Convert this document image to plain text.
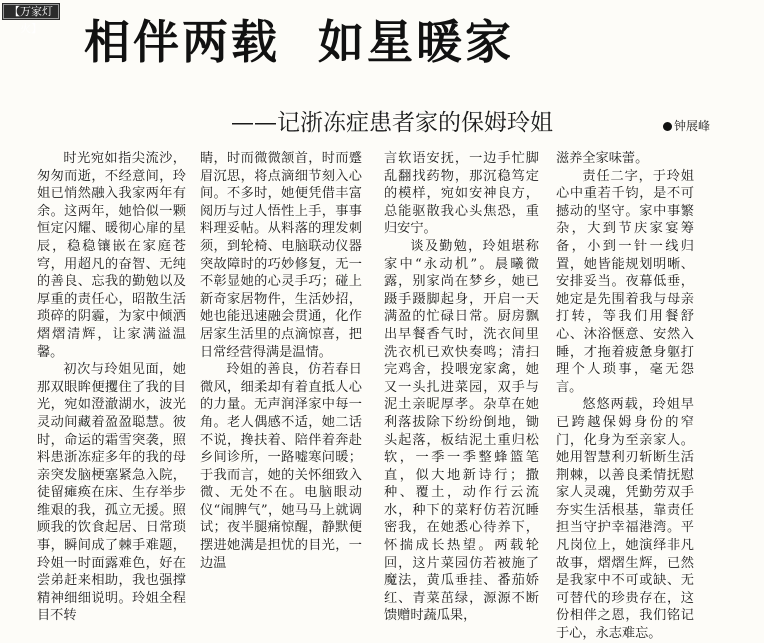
【万家灯火】 相伴两载  如星暖家
——记浙冻症患者家的保姆玲姐	钟展峰

时光宛如指尖流沙，匆匆而逝，不经意间，玲姐已悄然融入我家两年有余。这两年，她恰似一颗恒定闪耀、暖彻心扉的星辰，稳稳镶嵌在家庭苍穹，用超凡的奋智、无纯的善良、忘我的勤勉以及厚重的责任心，昭散生活琐碎的阴霾，为家中倾洒熠熠清辉，让家满溢温馨。

初次与玲姐见面，她那双眼眸便攫住了我的目光，宛如澄澈湖水，波光灵动间藏着盈盈聪慧。彼时，命运的霜雪突袭，照料患浙冻症多年的我的母亲突发脑梗塞紧急入院，徒留瘫痪在床、生存举步维艰的我，孤立无援。照顾我的饮食起居、日常琐事，瞬间成了棘手难题，玲姐一时面露难色，好在尝弟赶来相助，我也强撑精神细细说明。玲姐全程目不转

睛，时而微微颔首，时而蹙眉沉思，将点滴细节刻入心间。不多时，她便凭借丰富阅历与过人悟性上手，事事料理妥帖。从料落的理发刺须，到轮椅、电脑联动仪器突故障时的巧妙修复，无一不彰显她的心灵手巧；碰上新奇家居物件，生活妙招，她也能迅速融会贯通，化作居家生活里的点滴惊喜，把日常经营得满是温情。

玲姐的善良，仿若春日微风，细柔却有着直抵人心的力量。无声润泽家中每一角。老人偶感不适，她二话不说，搀扶着、陪伴着奔赴乡间诊所，一路嘘寒问暖；于我而言，她的关怀细致入微、无处不在。电脑眼动仪“闹脾气”，她马马上就调试；夜半腿痛惊醒，静默便摆进她满是担忧的目光，一边温

言软语安抚，一边手忙脚乱翻找药物，那沉稳笃定的模样，宛如安神良方，总能驱散我心头焦恐，重归安宁。

谈及勤勉，玲姐堪称家中“永动机”。晨曦微露，别家尚在梦乡，她已蹑手蹑脚起身，开启一天满盈的忙碌日常。厨房飘出早餐香气时，洗衣间里洗衣机已欢快奏鸣；清扫完鸡舍，投喂宠家禽，她又一头扎进菜园，双手与泥土亲昵厚孝。杂草在她利落拔除下纷纷倒地，锄头起落，板结泥土重归松软，一季一季整蜂篮笔直，似大地新诗行；撒种、覆土，动作行云流水，种下的菜籽仿若沉睡密我，在她悉心待养下，怀揣成长热望。两载轮回，这片菜园仿若被施了魔法，黄瓜垂挂、番茄娇红、青菜茁绿，源源不断馈赠时蔬瓜果，

滋养全家味蕾。

责任二字，于玲姐心中重若千钧，是不可撼动的坚守。家中事繁杂，大到节庆家宴筹备，小到一针一线归置，她皆能规划明晰、安排妥当。夜幕低垂，她定是先围着我与母亲打转，等我们用餐舒心、沐浴惬意、安然入睡，才拖着疲惫身躯打理个人琐事，毫无怨言。

悠悠两载，玲姐早已跨越保姆身份的窄门，化身为至亲家人。她用智慧利刃斩断生活荆棘，以善良柔情抚慰家人灵魂，凭勤劳双手夯实生活根基，靠责任担当守护幸福港湾。平凡岗位上，她演绎非凡故事，熠熠生辉，已然是我家中不可或缺、无可替代的珍贵存在，这份相伴之恩，我们铭记于心，永志难忘。
